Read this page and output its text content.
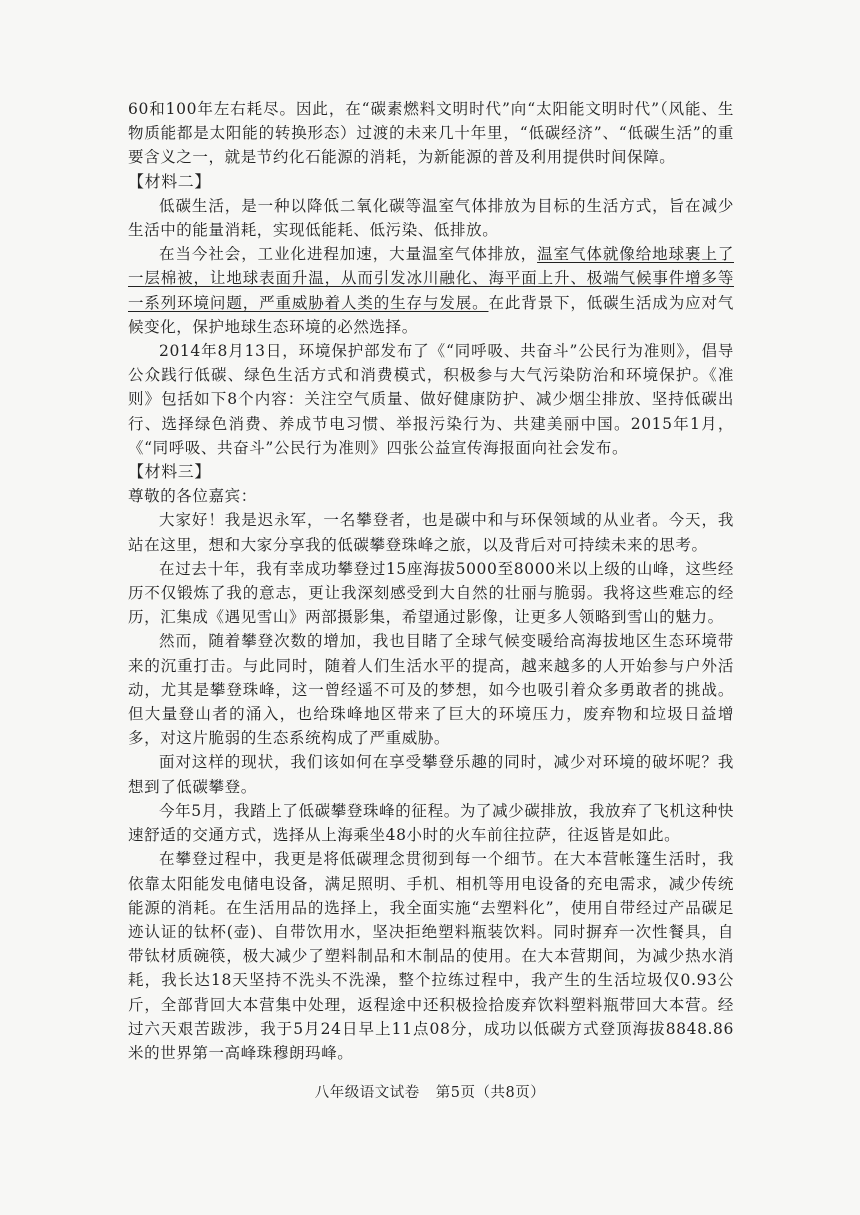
60和100年左右耗尽。因此，在“碳素燃料文明时代”向“太阳能文明时代”（风能、生物质能都是太阳能的转换形态）过渡的未来几十年里，“低碳经济”、“低碳生活”的重要含义之一，就是节约化石能源的消耗，为新能源的普及利用提供时间保障。

【材料二】

低碳生活，是一种以降低二氧化碳等温室气体排放为目标的生活方式，旨在减少生活中的能量消耗，实现低能耗、低污染、低排放。

在当今社会，工业化进程加速，大量温室气体排放，温室气体就像给地球裹上了一层棉被，让地球表面升温，从而引发冰川融化、海平面上升、极端气候事件增多等一系列环境问题，严重威胁着人类的生存与发展。在此背景下，低碳生活成为应对气候变化，保护地球生态环境的必然选择。

2014年8月13日，环境保护部发布了《“同呼吸、共奋斗”公民行为准则》，倡导公众践行低碳、绿色生活方式和消费模式，积极参与大气污染防治和环境保护。《准则》包括如下8个内容：关注空气质量、做好健康防护、减少烟尘排放、坚持低碳出行、选择绿色消费、养成节电习惯、举报污染行为、共建美丽中国。2015年1月，《“同呼吸、共奋斗”公民行为准则》四张公益宣传海报面向社会发布。

【材料三】

尊敬的各位嘉宾：

大家好！我是迟永军，一名攀登者，也是碳中和与环保领域的从业者。今天，我站在这里，想和大家分享我的低碳攀登珠峰之旅，以及背后对可持续未来的思考。

在过去十年，我有幸成功攀登过15座海拔5000至8000米以上级的山峰，这些经历不仅锻炼了我的意志，更让我深刻感受到大自然的壮丽与脆弱。我将这些难忘的经历，汇集成《遇见雪山》两部摄影集，希望通过影像，让更多人领略到雪山的魅力。

然而，随着攀登次数的增加，我也目睹了全球气候变暖给高海拔地区生态环境带来的沉重打击。与此同时，随着人们生活水平的提高，越来越多的人开始参与户外活动，尤其是攀登珠峰，这一曾经遥不可及的梦想，如今也吸引着众多勇敢者的挑战。但大量登山者的涌入，也给珠峰地区带来了巨大的环境压力，废弃物和垃圾日益增多，对这片脆弱的生态系统构成了严重威胁。

面对这样的现状，我们该如何在享受攀登乐趣的同时，减少对环境的破坏呢？我想到了低碳攀登。

今年5月，我踏上了低碳攀登珠峰的征程。为了减少碳排放，我放弃了飞机这种快速舒适的交通方式，选择从上海乘坐48小时的火车前往拉萨，往返皆是如此。

在攀登过程中，我更是将低碳理念贯彻到每一个细节。在大本营帐篷生活时，我依靠太阳能发电储电设备，满足照明、手机、相机等用电设备的充电需求，减少传统能源的消耗。在生活用品的选择上，我全面实施“去塑料化”，使用自带经过产品碳足迹认证的钛杯(壶)、自带饮用水，坚决拒绝塑料瓶装饮料。同时摒弃一次性餐具，自带钛材质碗筷，极大减少了塑料制品和木制品的使用。在大本营期间，为减少热水消耗，我长达18天坚持不洗头不洗澡，整个拉练过程中，我产生的生活垃圾仅0.93公斤，全部背回大本营集中处理，返程途中还积极捡拾废弃饮料塑料瓶带回大本营。经过六天艰苦跋涉，我于5月24日早上11点08分，成功以低碳方式登顶海拔8848.86米的世界第一高峰珠穆朗玛峰。

八年级语文试卷 第5页（共8页）
